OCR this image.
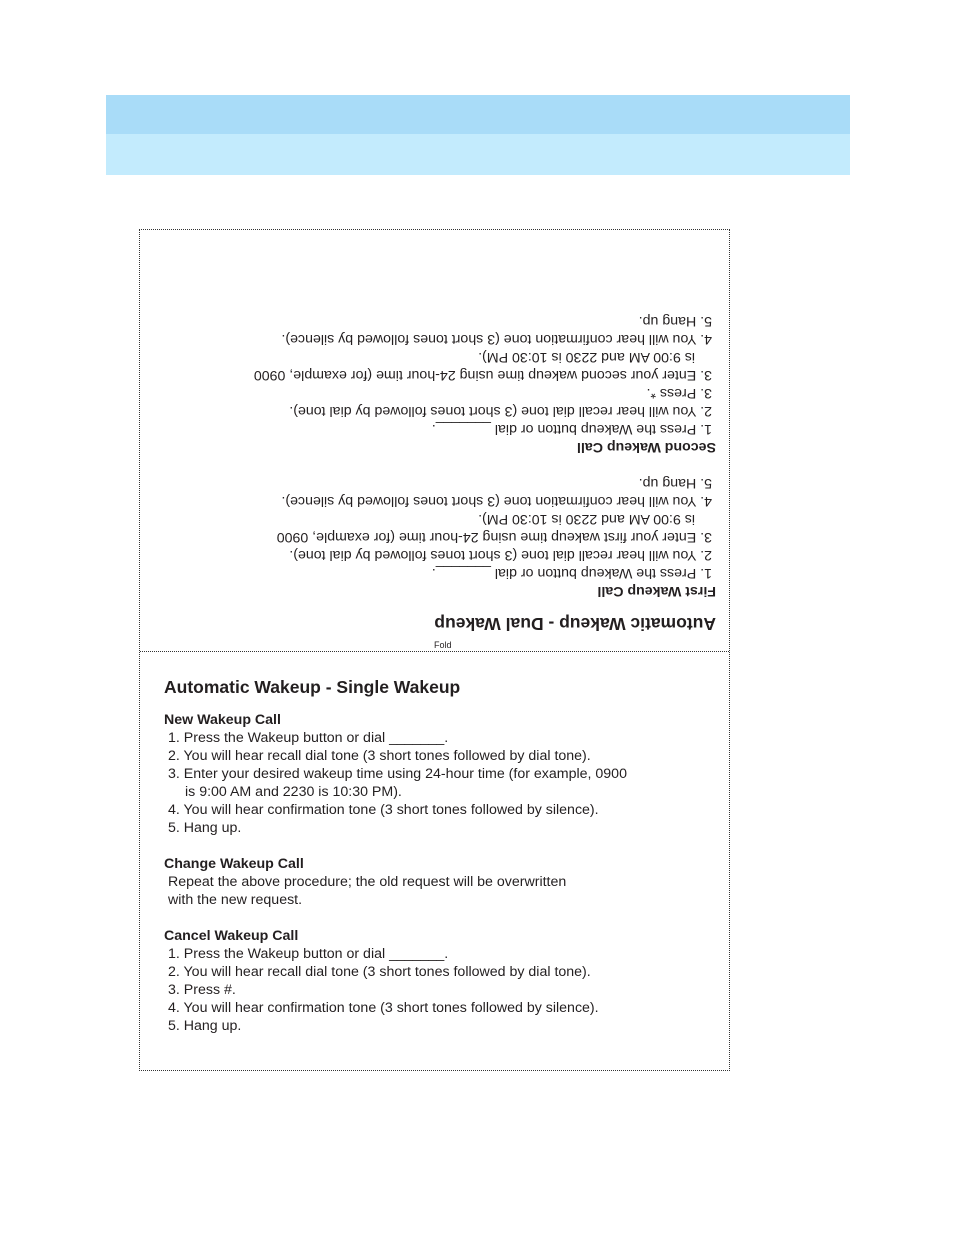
Automatic Wakeup - Dual Wakeup

First Wakeup Call

1. Press the Wakeup button or dial _______.

2. You will hear recall dial tone (3 short tones followed by dial tone).

3. Enter your first wakeup time using 24-hour time (for example, 0900

is 9:00 AM and 2230 is 10:30 PM).

4. You will hear confirmation tone (3 short tones followed by silence).

5. Hang up.

Second Wakeup Call

1. Press the Wakeup button or dial _______.

2. You will hear recall dial tone (3 short tones followed by dial tone).

3. Press *.

3. Enter your second wakeup time using 24-hour time (for example, 0900

is 9:00 AM and 2230 is 10:30 PM).

4. You will hear confirmation tone (3 short tones followed by silence).

5. Hang up.

Fold

Automatic Wakeup - Single Wakeup

New Wakeup Call

1. Press the Wakeup button or dial _______.

2. You will hear recall dial tone (3 short tones followed by dial tone).

3. Enter your desired wakeup time using 24-hour time (for example, 0900

is 9:00 AM and 2230 is 10:30 PM).

4. You will hear confirmation tone (3 short tones followed by silence).

5. Hang up.

Change Wakeup Call

Repeat the above procedure; the old request will be overwritten

with the new request.

Cancel Wakeup Call

1. Press the Wakeup button or dial _______.

2. You will hear recall dial tone (3 short tones followed by dial tone).

3. Press #.

4. You will hear confirmation tone (3 short tones followed by silence).

5. Hang up.
